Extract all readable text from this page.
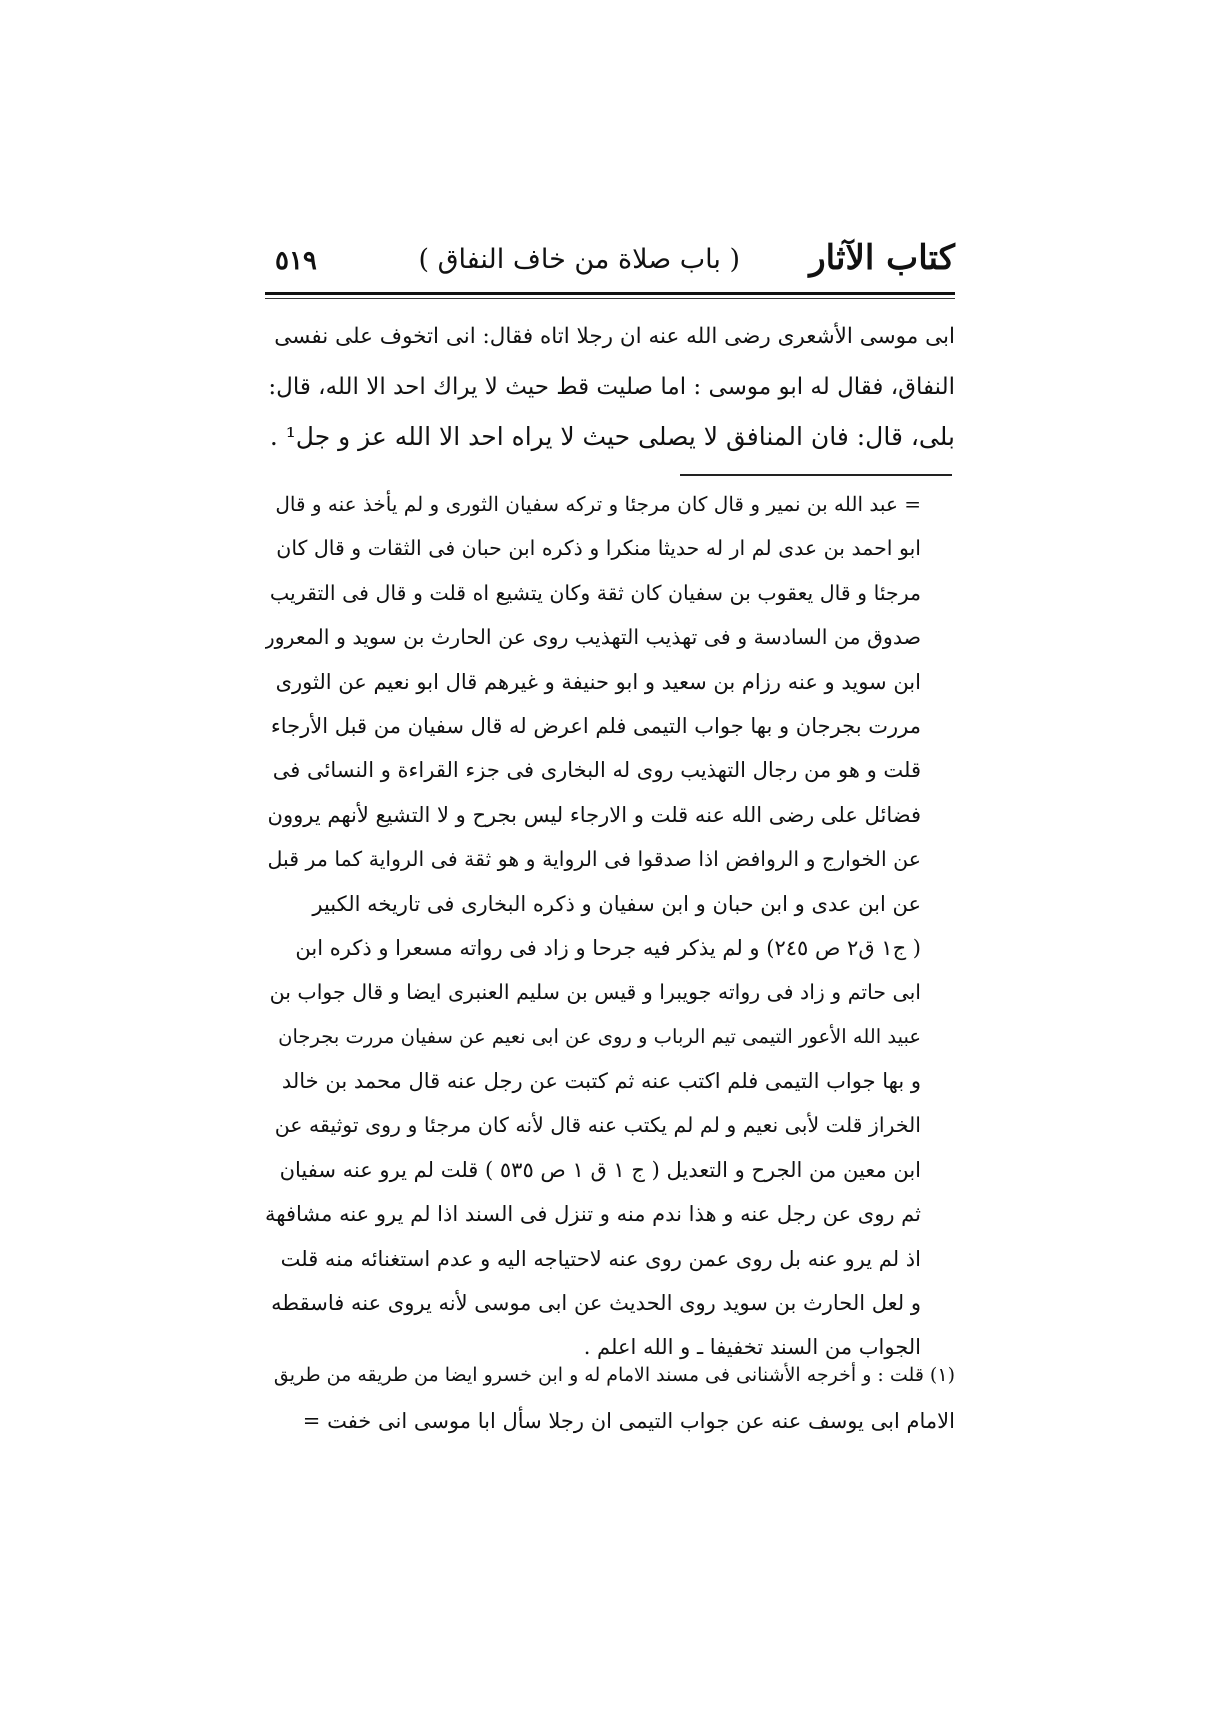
كتاب الآثار
( باب صلاة من خاف النفاق )
٥١٩
ابى موسى الأشعرى رضى الله عنه ان رجلا اتاه فقال: انى اتخوف على نفسى
النفاق، فقال له ابو موسى : اما صليت قط حيث لا يراك احد الا الله، قال:
بلى، قال: فان المنافق لا يصلى حيث لا يراه احد الا الله عز و جل¹ .
= عبد الله بن نمير و قال كان مرجئا و تركه سفيان الثورى و لم يأخذ عنه و قال
ابو احمد بن عدى لم ار له حديثا منكرا و ذكره ابن حبان فى الثقات و قال كان
مرجئا و قال يعقوب بن سفيان كان ثقة وكان يتشيع اه قلت و قال فى التقريب
صدوق من السادسة و فى تهذيب التهذيب روى عن الحارث بن سويد و المعرور
ابن سويد و عنه رزام بن سعيد و ابو حنيفة و غيرهم قال ابو نعيم عن الثورى
مررت بجرجان و بها جواب التيمى فلم اعرض له قال سفيان من قبل الأرجاء
قلت و هو من رجال التهذيب روى له البخارى فى جزء القراءة و النسائى فى
فضائل على رضى الله عنه قلت و الارجاء ليس بجرح و لا التشيع لأنهم يروون
عن الخوارج و الروافض اذا صدقوا فى الرواية و هو ثقة فى الرواية كما مر قبل
عن ابن عدى و ابن حبان و ابن سفيان و ذكره البخارى فى تاريخه الكبير
( ج١ ق٢ ص ٢٤٥) و لم يذكر فيه جرحا و زاد فى رواته مسعرا و ذكره ابن
ابى حاتم و زاد فى رواته جويبرا و قيس بن سليم العنبرى ايضا و قال جواب بن
عبيد الله الأعور التيمى تيم الرباب و روى عن ابى نعيم عن سفيان مررت بجرجان
و بها جواب التيمى فلم اكتب عنه ثم كتبت عن رجل عنه قال محمد بن خالد
الخراز قلت لأبى نعيم و لم لم يكتب عنه قال لأنه كان مرجئا و روى توثيقه عن
ابن معين من الجرح و التعديل ( ج ١ ق ١ ص ٥٣٥ ) قلت لم يرو عنه سفيان
ثم روى عن رجل عنه و هذا ندم منه و تنزل فى السند اذا لم يرو عنه مشافهة
اذ لم يرو عنه بل روى عمن روى عنه لاحتياجه اليه و عدم استغنائه منه قلت
و لعل الحارث بن سويد روى الحديث عن ابى موسى لأنه يروى عنه فاسقطه
الجواب من السند تخفيفا ـ و الله اعلم .
(١) قلت : و أخرجه الأشنانى فى مسند الامام له و ابن خسرو ايضا من طريقه من طريق
الامام ابى يوسف عنه عن جواب التيمى ان رجلا سأل ابا موسى انى خفت =
